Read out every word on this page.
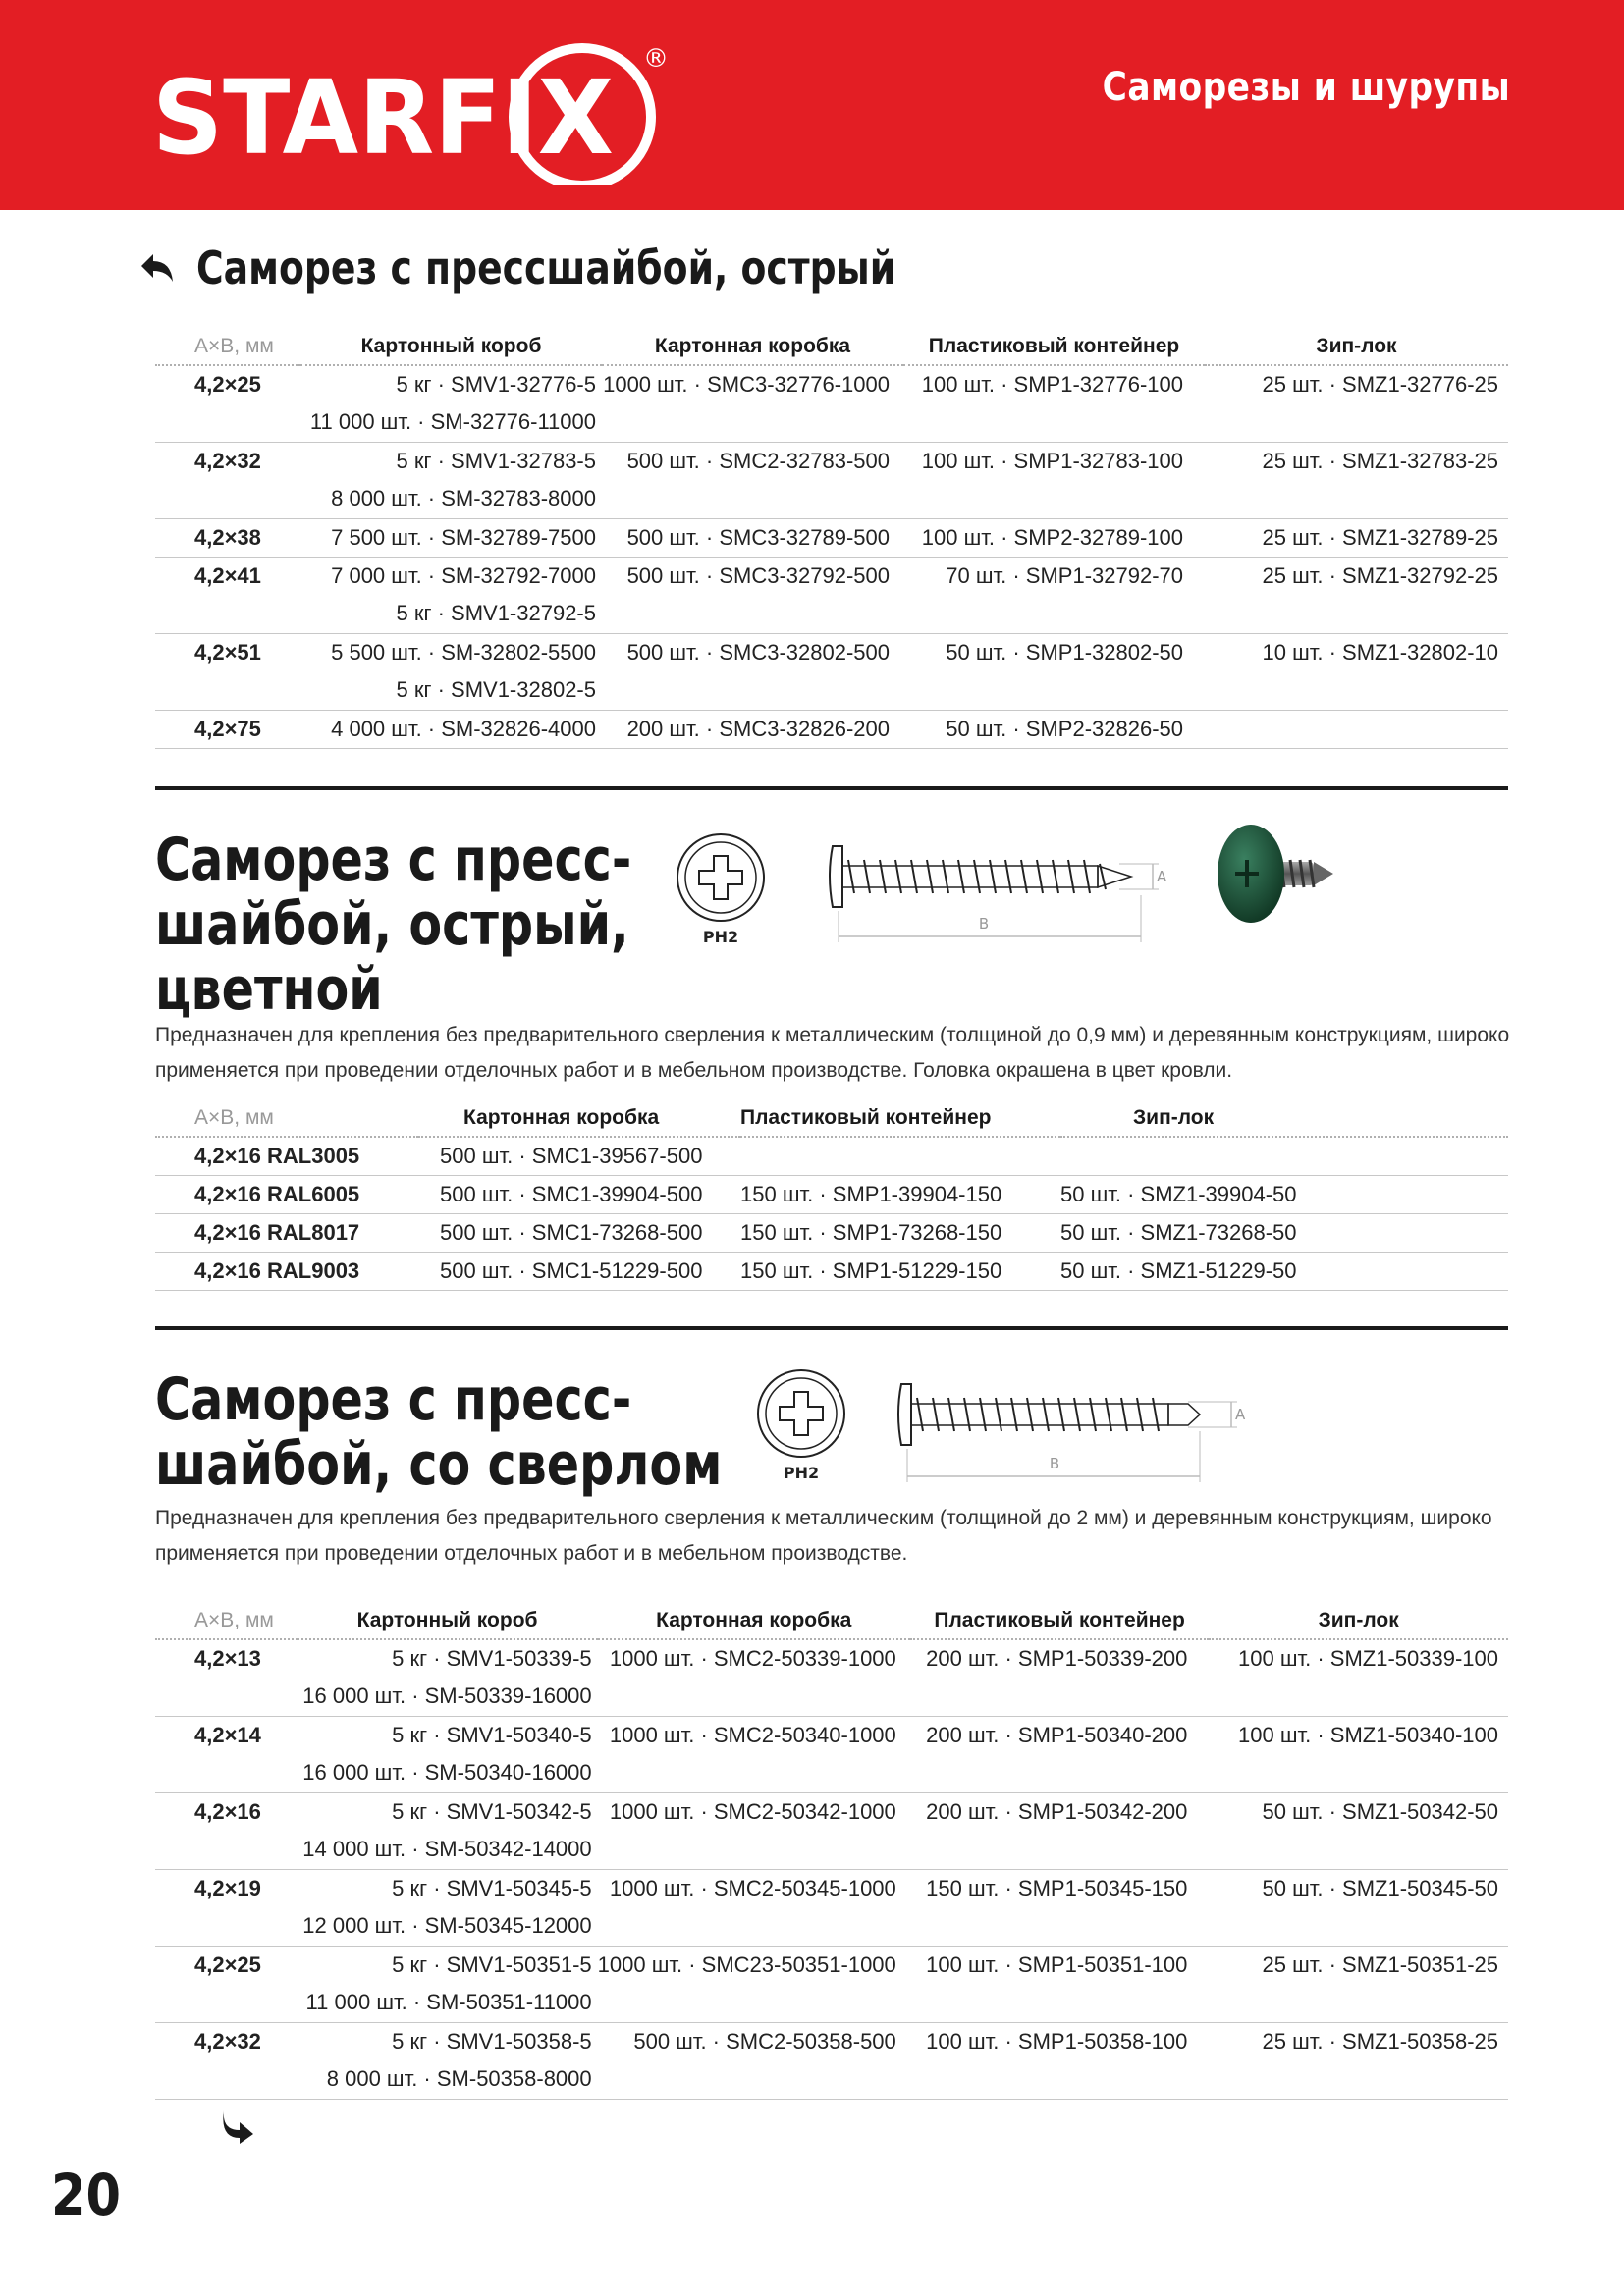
STARFIX ®
Саморезы и шурупы
Саморез с прессшайбой, острый
A×B, мм	Картонный короб	Картонная коробка	Пластиковый контейнер	Зип-лок
4,2×25	5 кг · SMV1-32776-5	1000 шт. · SMC3-32776-1000	100 шт. · SMP1-32776-100	25 шт. · SMZ1-32776-25
	11 000 шт. · SM-32776-11000			
4,2×32	5 кг · SMV1-32783-5	500 шт. · SMC2-32783-500	100 шт. · SMP1-32783-100	25 шт. · SMZ1-32783-25
	8 000 шт. · SM-32783-8000			
4,2×38	7 500 шт. · SM-32789-7500	500 шт. · SMC3-32789-500	100 шт. · SMP2-32789-100	25 шт. · SMZ1-32789-25
4,2×41	7 000 шт. · SM-32792-7000	500 шт. · SMC3-32792-500	70 шт. · SMP1-32792-70	25 шт. · SMZ1-32792-25
	5 кг · SMV1-32792-5			
4,2×51	5 500 шт. · SM-32802-5500	500 шт. · SMC3-32802-500	50 шт. · SMP1-32802-50	10 шт. · SMZ1-32802-10
	5 кг · SMV1-32802-5			
4,2×75	4 000 шт. · SM-32826-4000	200 шт. · SMC3-32826-200	50 шт. · SMP2-32826-50	
Саморез с пресс-
шайбой, острый,
цветной
PH2
A
B
Предназначен для крепления без предварительного сверления к металлическим (толщиной до 0,9 мм) и деревянным конструкциям, широко
применяется при проведении отделочных работ и в мебельном производстве. Головка окрашена в цвет кровли.
A×B, мм	Картонная коробка	Пластиковый контейнер	Зип-лок
4,2×16 RAL3005	500 шт. · SMC1-39567-500		
4,2×16 RAL6005	500 шт. · SMC1-39904-500	150 шт. · SMP1-39904-150	50 шт. · SMZ1-39904-50
4,2×16 RAL8017	500 шт. · SMC1-73268-500	150 шт. · SMP1-73268-150	50 шт. · SMZ1-73268-50
4,2×16 RAL9003	500 шт. · SMC1-51229-500	150 шт. · SMP1-51229-150	50 шт. · SMZ1-51229-50
Саморез с пресс-
шайбой, со сверлом	PH2
A
B
Предназначен для крепления без предварительного сверления к металлическим (толщиной до 2 мм) и деревянным конструкциям, широко
применяется при проведении отделочных работ и в мебельном производстве.
A×B, мм	Картонный короб	Картонная коробка	Пластиковый контейнер	Зип-лок
4,2×13	5 кг · SMV1-50339-5	1000 шт. · SMC2-50339-1000	200 шт. · SMP1-50339-200	100 шт. · SMZ1-50339-100
	16 000 шт. · SM-50339-16000			
4,2×14	5 кг · SMV1-50340-5	1000 шт. · SMC2-50340-1000	200 шт. · SMP1-50340-200	100 шт. · SMZ1-50340-100
	16 000 шт. · SM-50340-16000			
4,2×16	5 кг · SMV1-50342-5	1000 шт. · SMC2-50342-1000	200 шт. · SMP1-50342-200	50 шт. · SMZ1-50342-50
	14 000 шт. · SM-50342-14000			
4,2×19	5 кг · SMV1-50345-5	1000 шт. · SMC2-50345-1000	150 шт. · SMP1-50345-150	50 шт. · SMZ1-50345-50
	12 000 шт. · SM-50345-12000			
4,2×25	5 кг · SMV1-50351-5	1000 шт. · SMC23-50351-1000	100 шт. · SMP1-50351-100	25 шт. · SMZ1-50351-25
	11 000 шт. · SM-50351-11000			
4,2×32	5 кг · SMV1-50358-5	500 шт. · SMC2-50358-500	100 шт. · SMP1-50358-100	25 шт. · SMZ1-50358-25
	8 000 шт. · SM-50358-8000			
20
